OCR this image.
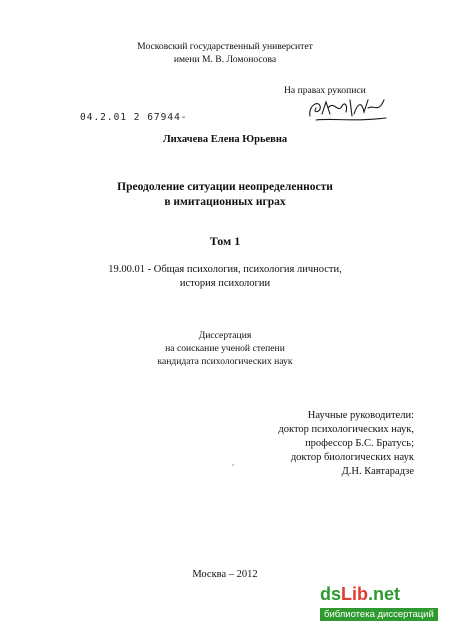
Московский государственный университет
имени М. В. Ломоносова
На правах рукописи
04.2.01 2 67944-
Лихачева Елена Юрьевна
Преодоление ситуации неопределенности
в имитационных играх
Том 1
19.00.01 - Общая психология, психология личности,
история психологии
Диссертация
на соискание ученой степени
кандидата психологических наук
Научные руководители:
доктор психологических наук,
профессор Б.С. Братусь;
доктор биологических наук
Д.Н. Кавтарадзе
Москва – 2012
dsLib.net
библиотека диссертаций
